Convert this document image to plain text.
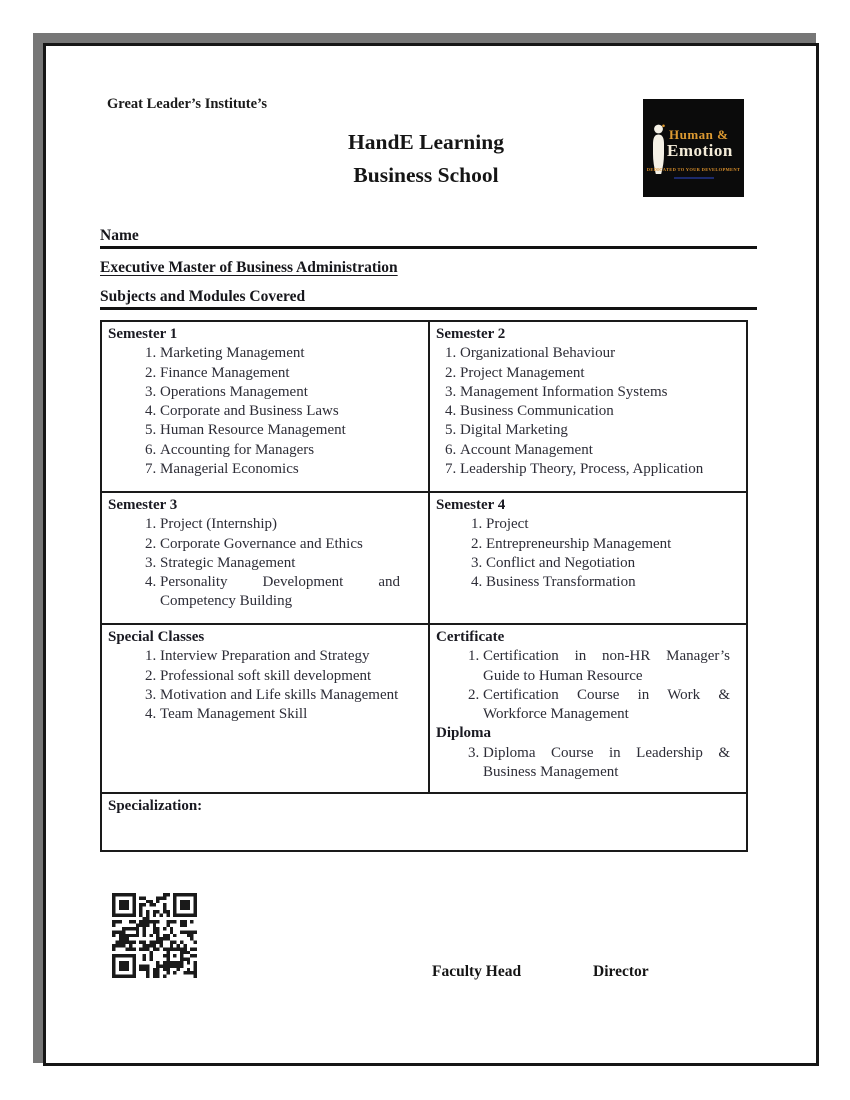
Great Leader’s Institute’s
HandE Learning
Business School
Human &
Emotion
DEDICATED TO YOUR DEVELOPMENT
Name
Executive Master of Business Administration
Subjects and Modules Covered
Semester 1
1. Marketing Management
2. Finance Management
3. Operations Management
4. Corporate and Business Laws
5. Human Resource Management
6. Accounting for Managers
7. Managerial Economics
Semester 2
1. Organizational Behaviour
2. Project Management
3. Management Information Systems
4. Business Communication
5. Digital Marketing
6. Account Management
7. Leadership Theory, Process, Application
Semester 3
1. Project (Internship)
2. Corporate Governance and Ethics
3. Strategic Management
4. Personality Development and Competency Building
Semester 4
1. Project
2. Entrepreneurship Management
3. Conflict and Negotiation
4. Business Transformation
Special Classes
1. Interview Preparation and Strategy
2. Professional soft skill development
3. Motivation and Life skills Management
4. Team Management Skill
Certificate
1. Certification in non-HR Manager’s Guide to Human Resource
2. Certification Course in Work & Workforce Management
Diploma
3. Diploma Course in Leadership & Business Management
Specialization:
Faculty Head	Director
